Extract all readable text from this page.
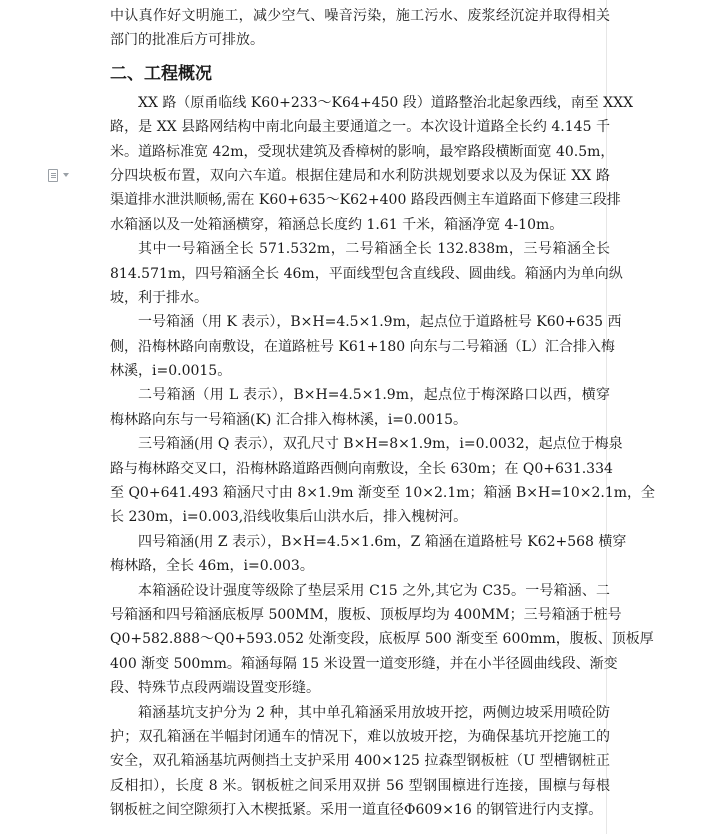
中认真作好文明施工，减少空气、噪音污染，施工污水、废浆经沉淀并取得相关
部门的批准后方可排放。
二、工程概况
XX 路（原甬临线 K60+233～K64+450 段）道路整治北起象西线，南至 XXX
路，是 XX 县路网结构中南北向最主要通道之一。本次设计道路全长约 4.145 千
米。道路标准宽 42m，受现状建筑及香樟树的影响，最窄路段横断面宽 40.5m，
分四块板布置，双向六车道。根据住建局和水利防洪规划要求以及为保证 XX 路
渠道排水泄洪顺畅,需在 K60+635～K62+400 路段西侧主车道路面下修建三段排
水箱涵以及一处箱涵横穿，箱涵总长度约 1.61 千米，箱涵净宽 4-10m。
其中一号箱涵全长 571.532m，二号箱涵全长 132.838m，三号箱涵全长
814.571m，四号箱涵全长 46m，平面线型包含直线段、圆曲线。箱涵内为单向纵
坡，利于排水。
一号箱涵（用 K 表示），B×H=4.5×1.9m，起点位于道路桩号 K60+635 西
侧，沿梅林路向南敷设，在道路桩号 K61+180 向东与二号箱涵（L）汇合排入梅
林溪，i=0.0015。
二号箱涵（用 L 表示），B×H=4.5×1.9m，起点位于梅深路口以西，横穿
梅林路向东与一号箱涵(K) 汇合排入梅林溪，i=0.0015。
三号箱涵(用 Q 表示），双孔尺寸 B×H=8×1.9m，i=0.0032，起点位于梅泉
路与梅林路交叉口，沿梅林路道路西侧向南敷设，全长 630m；在 Q0+631.334
至 Q0+641.493 箱涵尺寸由 8×1.9m 渐变至 10×2.1m；箱涵 B×H=10×2.1m，全
长 230m，i=0.003,沿线收集后山洪水后，排入槐树河。
四号箱涵(用 Z 表示），B×H=4.5×1.6m，Z 箱涵在道路桩号 K62+568 横穿
梅林路，全长 46m，i=0.003。
本箱涵砼设计强度等级除了垫层采用 C15 之外,其它为 C35。一号箱涵、二
号箱涵和四号箱涵底板厚 500MM，腹板、顶板厚均为 400MM；三号箱涵于桩号
Q0+582.888～Q0+593.052 处渐变段，底板厚 500 渐变至 600mm，腹板、顶板厚
400 渐变 500mm。箱涵每隔 15 米设置一道变形缝，并在小半径圆曲线段、渐变
段、特殊节点段两端设置变形缝。
箱涵基坑支护分为 2 种，其中单孔箱涵采用放坡开挖，两侧边坡采用喷砼防
护；双孔箱涵在半幅封闭通车的情况下，难以放坡开挖，为确保基坑开挖施工的
安全，双孔箱涵基坑两侧挡土支护采用 400×125 拉森型钢板桩（U 型槽钢桩正
反相扣），长度 8 米。钢板桩之间采用双拼 56 型钢围檩进行连接，围檩与每根
钢板桩之间空隙须打入木楔抵紧。采用一道直径Φ609×16 的钢管进行内支撑。
